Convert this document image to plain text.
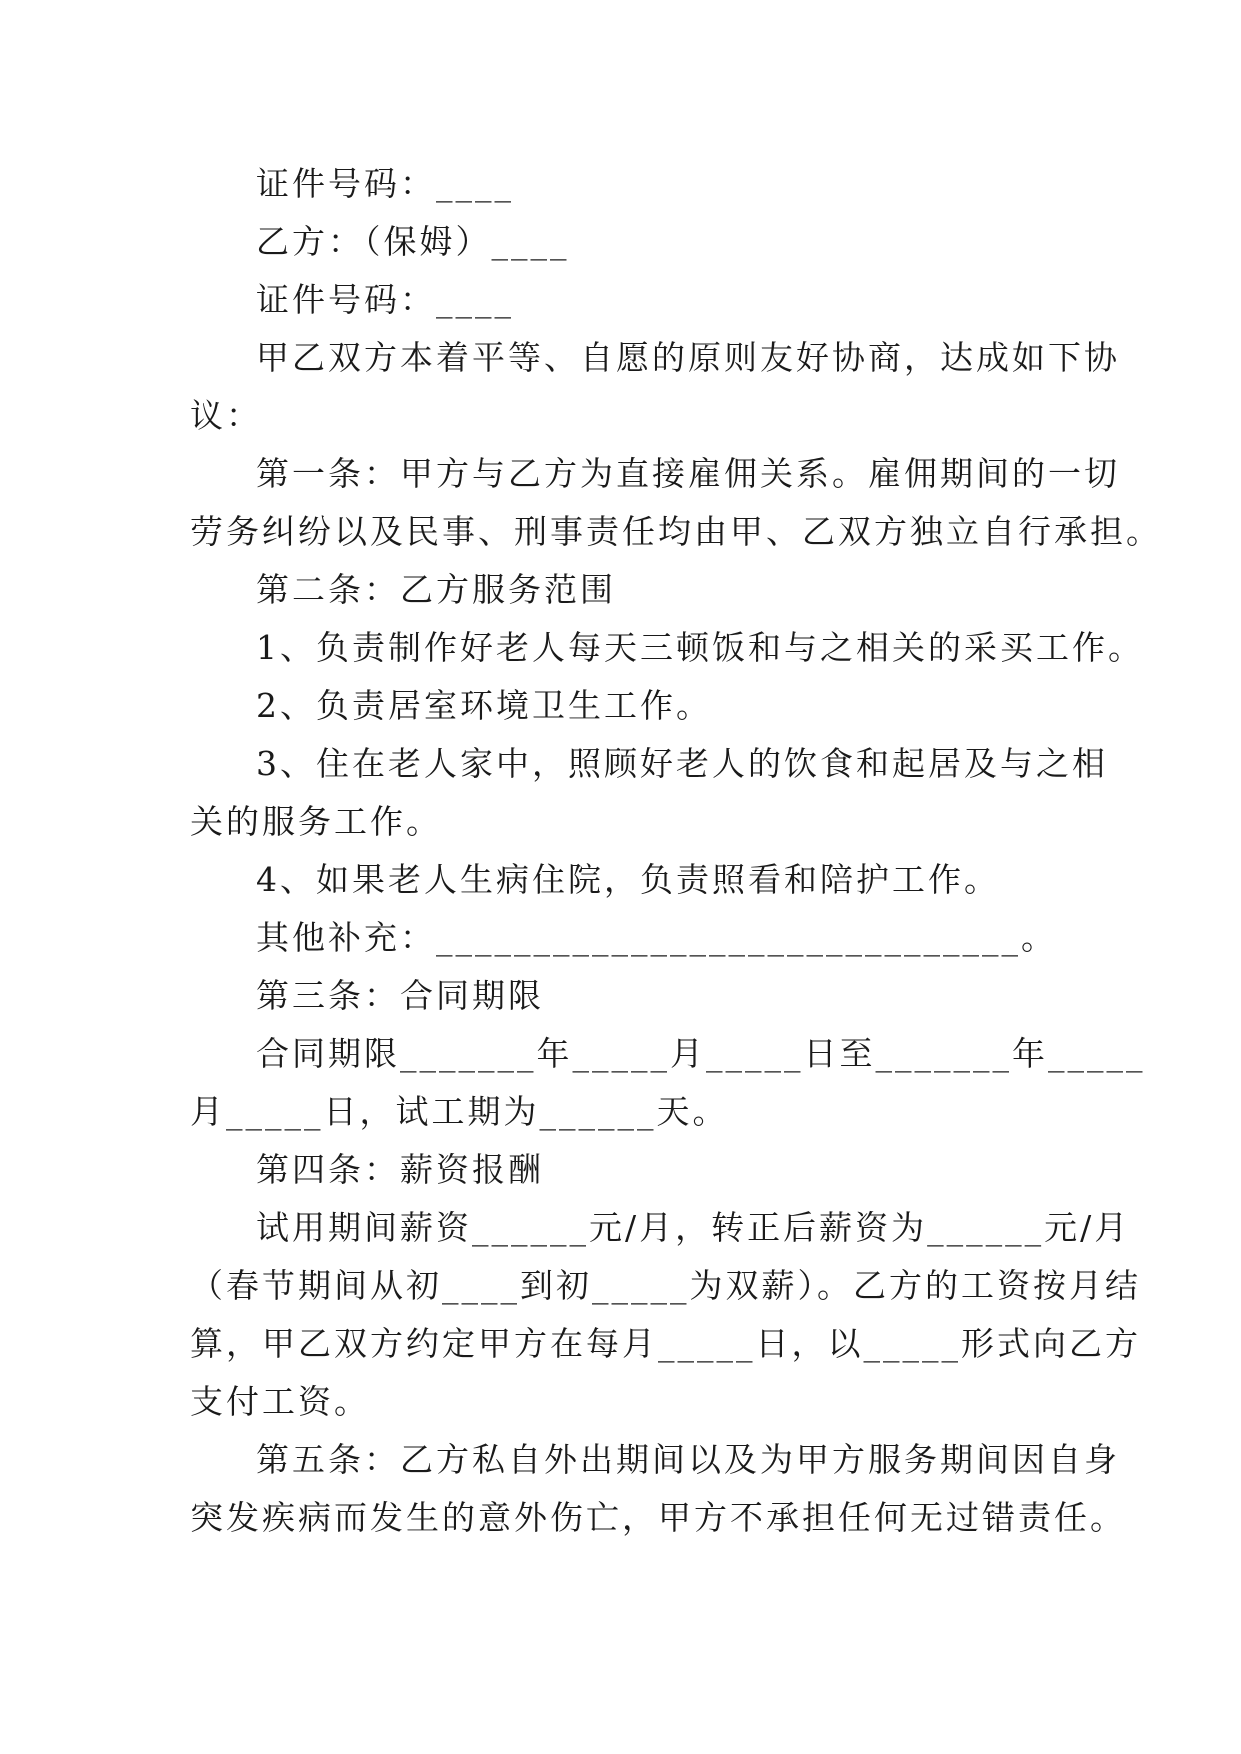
证件号码：____

乙方：（保姆）____

证件号码：____

甲乙双方本着平等、自愿的原则友好协商，达成如下协

议：

第一条：甲方与乙方为直接雇佣关系。雇佣期间的一切

劳务纠纷以及民事、刑事责任均由甲、乙双方独立自行承担。

第二条：乙方服务范围

1、负责制作好老人每天三顿饭和与之相关的采买工作。

2、负责居室环境卫生工作。

3、住在老人家中，照顾好老人的饮食和起居及与之相

关的服务工作。

4、如果老人生病住院，负责照看和陪护工作。

其他补充：______________________________。

第三条：合同期限

合同期限_______年_____月_____日至_______年_____

月_____日，试工期为______天。

第四条：薪资报酬

试用期间薪资______元/月，转正后薪资为______元/月

（春节期间从初____到初_____为双薪）。乙方的工资按月结

算，甲乙双方约定甲方在每月_____日，以_____形式向乙方

支付工资。

第五条：乙方私自外出期间以及为甲方服务期间因自身

突发疾病而发生的意外伤亡，甲方不承担任何无过错责任。
